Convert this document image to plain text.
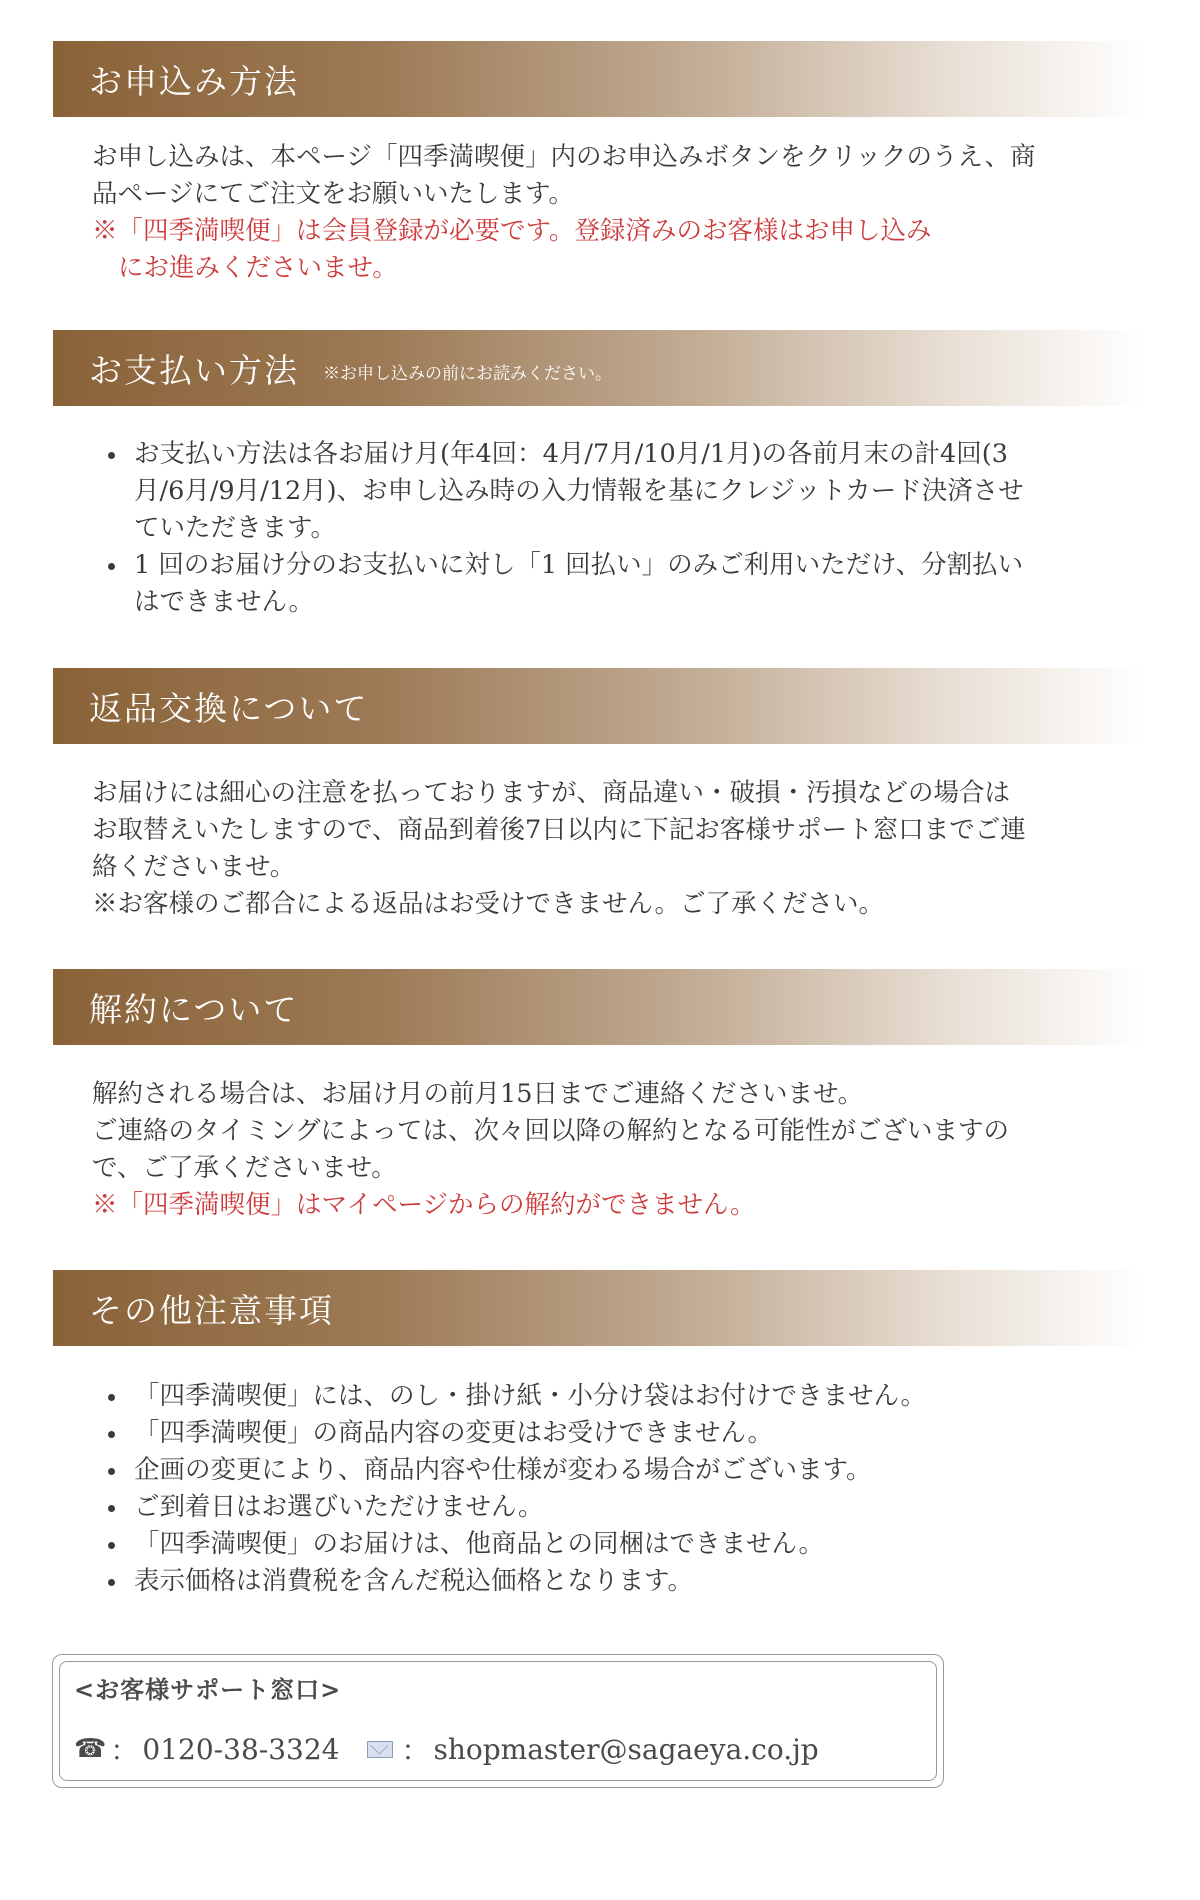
お申込み方法

お申し込みは、本ページ「四季満喫便」内のお申込みボタンをクリックのうえ、商

品ページにてご注文をお願いいたします。

※「四季満喫便」は会員登録が必要です。登録済みのお客様はお申し込み

にお進みくださいませ。

お支払い方法 ※お申し込みの前にお読みください。
お支払い方法は各お届け月(年4回：4月/7月/10月/1月)の各前月末の計4回(3
月/6月/9月/12月)、お申し込み時の入力情報を基にクレジットカード決済させ
ていただきます。
1 回のお届け分のお支払いに対し「1 回払い」のみご利用いただけ、分割払い
はできません。
返品交換について

お届けには細心の注意を払っておりますが、商品違い・破損・汚損などの場合は

お取替えいたしますので、商品到着後7日以内に下記お客様サポート窓口までご連

絡くださいませ。

※お客様のご都合による返品はお受けできません。ご了承ください。

解約について

解約される場合は、お届け月の前月15日までご連絡くださいませ。

ご連絡のタイミングによっては、次々回以降の解約となる可能性がございますの

で、ご了承くださいませ。

※「四季満喫便」はマイページからの解約ができません。

その他注意事項
「四季満喫便」には、のし・掛け紙・小分け袋はお付けできません。
「四季満喫便」の商品内容の変更はお受けできません。
企画の変更により、商品内容や仕様が変わる場合がございます。
ご到着日はお選びいただけません。
「四季満喫便」のお届けは、他商品との同梱はできません。
表示価格は消費税を含んだ税込価格となります。
<お客様サポート窓口>
☎ ： 0120-38-3324 ： shopmaster@sagaeya.co.jp
